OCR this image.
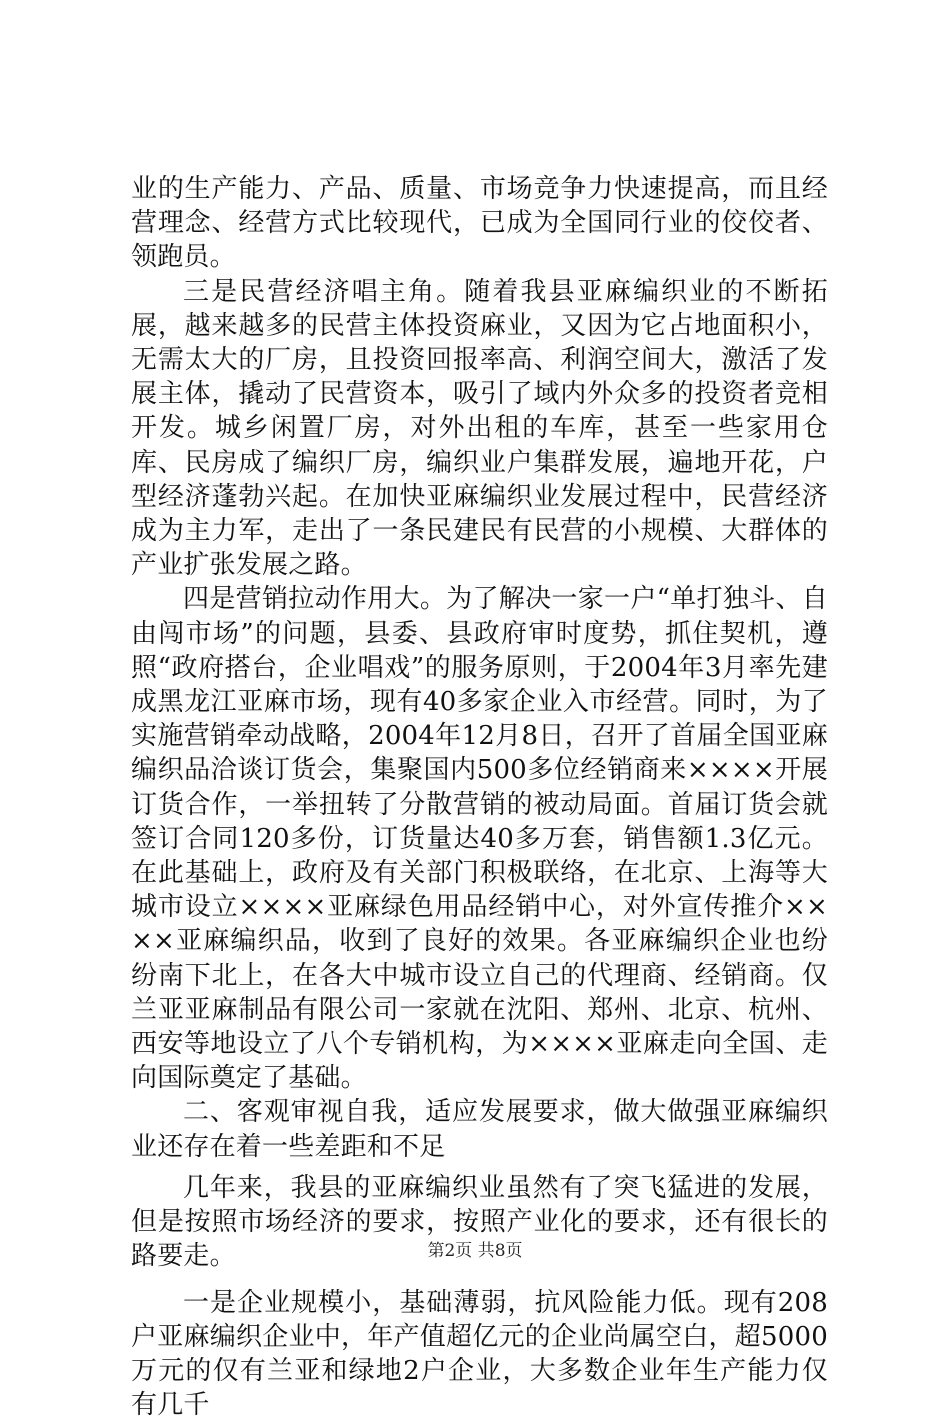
业的生产能力、产品、质量、市场竞争力快速提高，而且经营理念、经营方式比较现代，已成为全国同行业的佼佼者、领跑员。

三是民营经济唱主角。随着我县亚麻编织业的不断拓展，越来越多的民营主体投资麻业，又因为它占地面积小，无需太大的厂房，且投资回报率高、利润空间大，激活了发展主体，撬动了民营资本，吸引了域内外众多的投资者竞相开发。城乡闲置厂房，对外出租的车库，甚至一些家用仓库、民房成了编织厂房，编织业户集群发展，遍地开花，户型经济蓬勃兴起。在加快亚麻编织业发展过程中，民营经济成为主力军，走出了一条民建民有民营的小规模、大群体的产业扩张发展之路。

四是营销拉动作用大。为了解决一家一户“单打独斗、自由闯市场”的问题，县委、县政府审时度势，抓住契机，遵照“政府搭台，企业唱戏”的服务原则，于2004年3月率先建成黑龙江亚麻市场，现有40多家企业入市经营。同时，为了实施营销牵动战略，2004年12月8日，召开了首届全国亚麻编织品洽谈订货会，集聚国内500多位经销商来××××开展订货合作，一举扭转了分散营销的被动局面。首届订货会就签订合同120多份，订货量达40多万套，销售额1.3亿元。在此基础上，政府及有关部门积极联络，在北京、上海等大城市设立××××亚麻绿色用品经销中心，对外宣传推介××××亚麻编织品，收到了良好的效果。各亚麻编织企业也纷纷南下北上，在各大中城市设立自己的代理商、经销商。仅兰亚亚麻制品有限公司一家就在沈阳、郑州、北京、杭州、西安等地设立了八个专销机构，为××××亚麻走向全国、走向国际奠定了基础。

二、客观审视自我，适应发展要求，做大做强亚麻编织业还存在着一些差距和不足

几年来，我县的亚麻编织业虽然有了突飞猛进的发展，但是按照市场经济的要求，按照产业化的要求，还有很长的路要走。

一是企业规模小，基础薄弱，抗风险能力低。现有208户亚麻编织企业中，年产值超亿元的企业尚属空白，超5000万元的仅有兰亚和绿地2户企业，大多数企业年生产能力仅有几千

第2页 共8页
